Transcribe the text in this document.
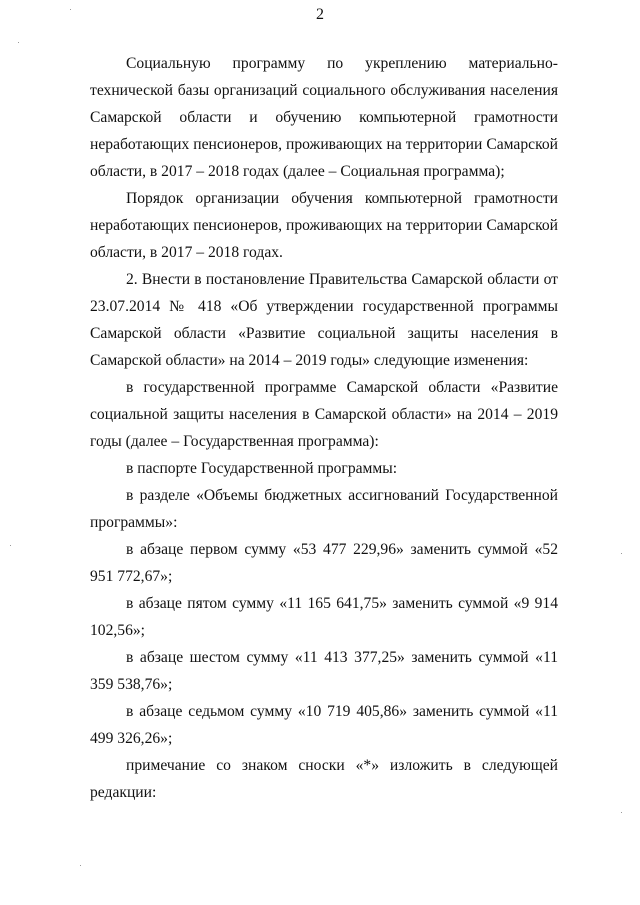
2

Социальную программу по укреплению материально-технической базы организаций социального обслуживания населения Самарской области и обучению компьютерной грамотности неработающих пенсионеров, проживающих на территории Самарской области, в 2017 – 2018 годах (далее – Социальная программа);

Порядок организации обучения компьютерной грамотности неработающих пенсионеров, проживающих на территории Самарской области, в 2017 – 2018 годах.

2. Внести в постановление Правительства Самарской области от 23.07.2014 № 418 «Об утверждении государственной программы Самарской области «Развитие социальной защиты населения в Самарской области» на 2014 – 2019 годы» следующие изменения:

в государственной программе Самарской области «Развитие социальной защиты населения в Самарской области» на 2014 – 2019 годы (далее – Государственная программа):

в паспорте Государственной программы:

в разделе «Объемы бюджетных ассигнований Государственной программы»:

в абзаце первом сумму «53 477 229,96» заменить суммой «52 951 772,67»;

в абзаце пятом сумму «11 165 641,75» заменить суммой «9 914 102,56»;

в абзаце шестом сумму «11 413 377,25» заменить суммой «11 359 538,76»;

в абзаце седьмом сумму «10 719 405,86» заменить суммой «11 499 326,26»;

примечание со знаком сноски «*» изложить в следующей редакции:
